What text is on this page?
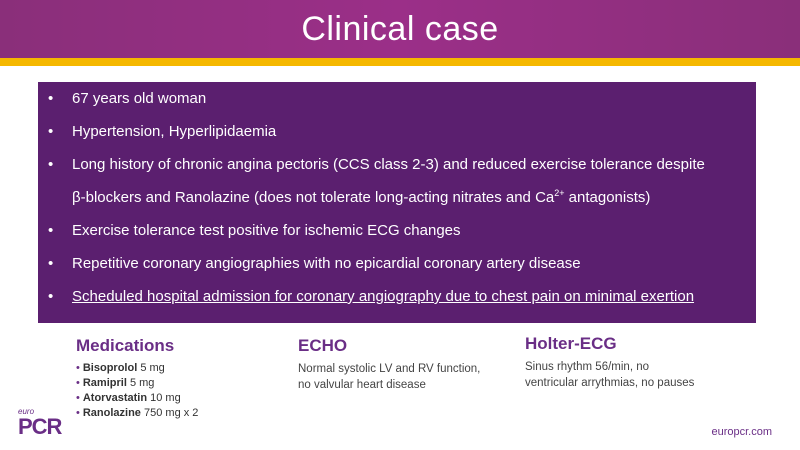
Clinical case
• 67 years old woman
• Hypertension, Hyperlipidaemia
• Long history of chronic angina pectoris (CCS class 2-3) and reduced exercise tolerance despite
β-blockers and Ranolazine (does not tolerate long-acting nitrates and $Ca^{2+}$ antagonists)
• Exercise tolerance test positive for ischemic ECG changes
• Repetitive coronary angiographies with no epicardial coronary artery disease
• Scheduled hospital admission for coronary angiography due to chest pain on minimal exertion
Medications
• Bisoprolol 5 mg
• Ramipril 5 mg
• Atorvastatin 10 mg
• Ranolazine 750 mg x 2
ECHO
Normal systolic LV and RV function,
no valvular heart disease
Holter-ECG
Sinus rhythm 56/min, no
ventricular arrythmias, no pauses
euro
PCR	europcr.com
